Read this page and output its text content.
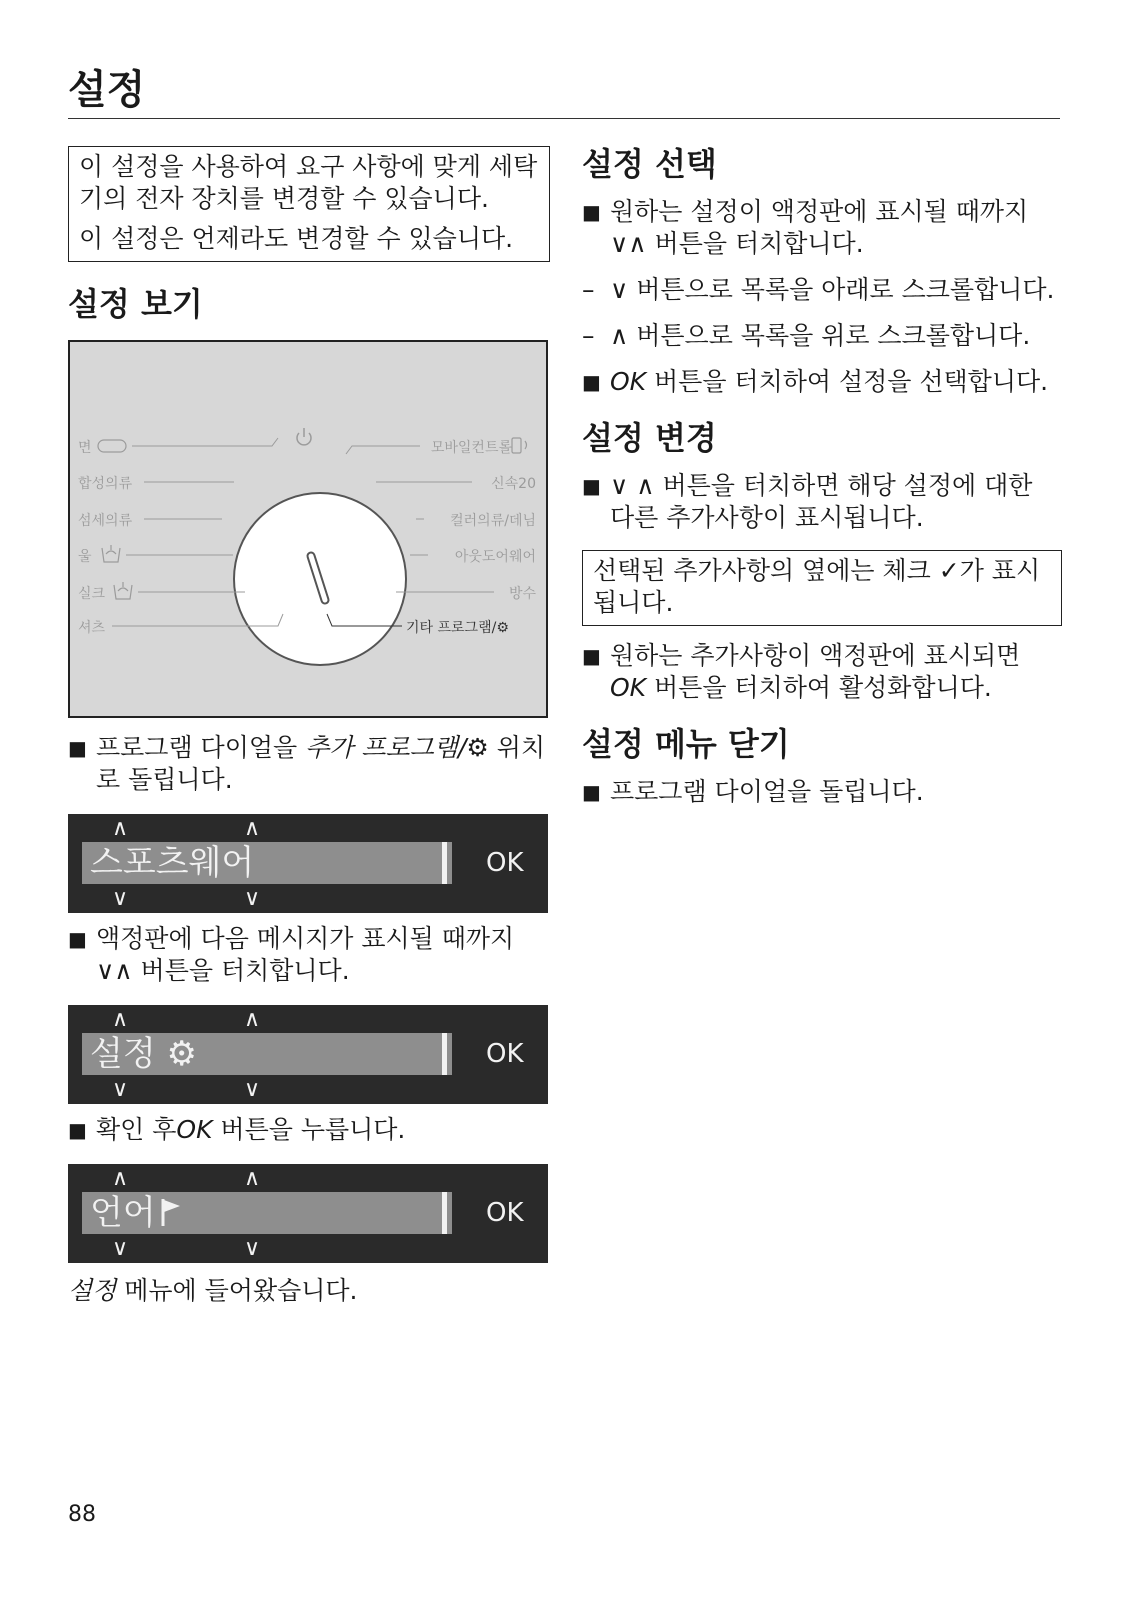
설정

이 설정을 사용하여 요구 사항에 맞게 세탁기의 전자 장치를 변경할 수 있습니다.

이 설정은 언제라도 변경할 수 있습니다.

설정 보기
면
합성의류
섬세의류
울
실크
셔츠
모바일컨트롤
신속20
컬러의류/데님
아웃도어웨어
방수
기타 프로그램/⚙
■ 프로그램 다이얼을 추가 프로그램/⚙ 위치로 돌립니다.
∧	∧
스포츠웨어	OK
∨	∨
■ 액정판에 다음 메시지가 표시될 때까지 ∨∧ 버튼을 터치합니다.
∧	∧
설정 ⚙	OK
∨	∨
■ 확인 후OK 버튼을 누릅니다.
∧	∧
언어	OK
∨	∨
설정 메뉴에 들어왔습니다.
설정 선택
■ 원하는 설정이 액정판에 표시될 때까지 ∨∧ 버튼을 터치합니다.
– ∨ 버튼으로 목록을 아래로 스크롤합니다.
– ∧ 버튼으로 목록을 위로 스크롤합니다.
■ OK 버튼을 터치하여 설정을 선택합니다.
설정 변경
■ ∨ ∧ 버튼을 터치하면 해당 설정에 대한 다른 추가사항이 표시됩니다.

선택된 추가사항의 옆에는 체크 ✓가 표시됩니다.

■ 원하는 추가사항이 액정판에 표시되면 OK 버튼을 터치하여 활성화합니다.
설정 메뉴 닫기
■ 프로그램 다이얼을 돌립니다.
88
